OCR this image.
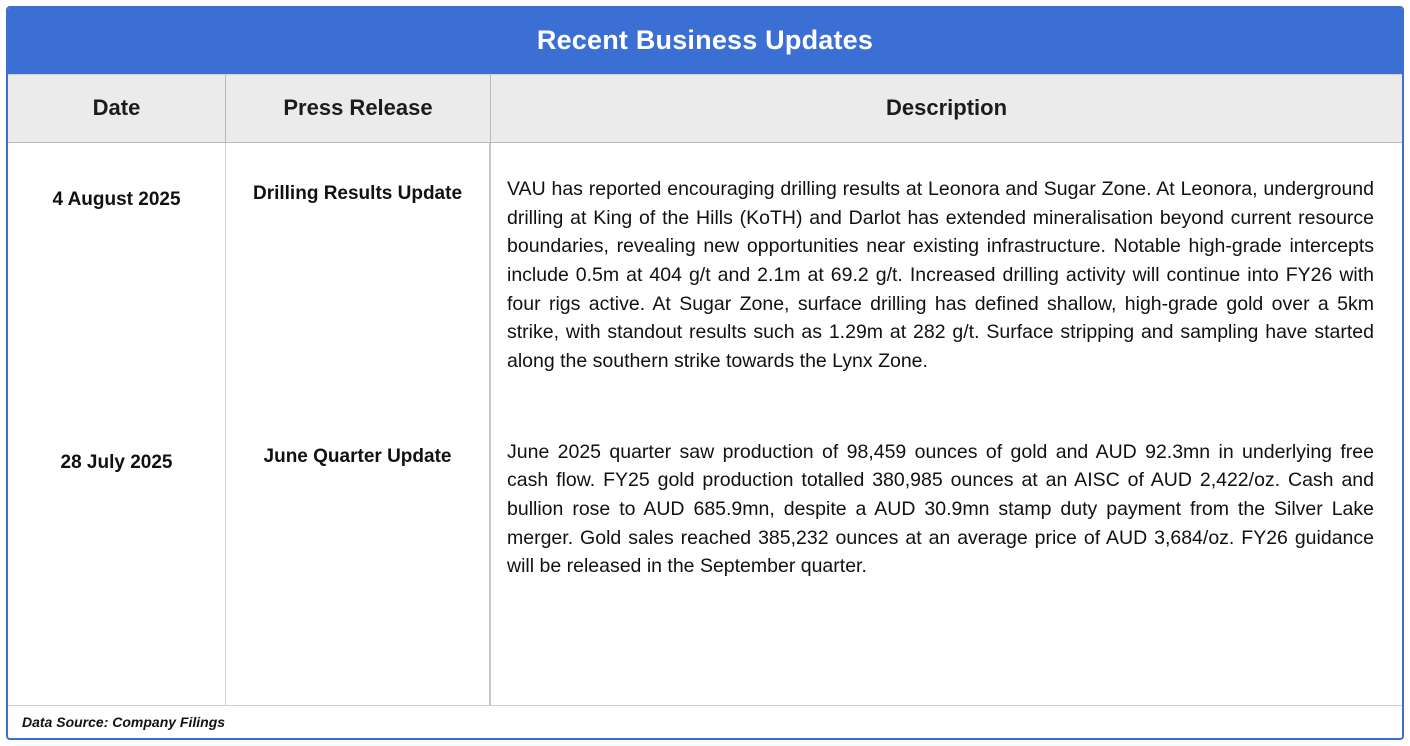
Recent Business Updates
Date	Press Release	Description
4 August 2025	Drilling Results Update	VAU has reported encouraging drilling results at Leonora and Sugar Zone. At Leonora, underground drilling at King of the Hills (KoTH) and Darlot has extended mineralisation beyond current resource boundaries, revealing new opportunities near existing infrastructure. Notable high-grade intercepts include 0.5m at 404 g/t and 2.1m at 69.2 g/t. Increased drilling activity will continue into FY26 with four rigs active. At Sugar Zone, surface drilling has defined shallow, high-grade gold over a 5km strike, with standout results such as 1.29m at 282 g/t. Surface stripping and sampling have started along the southern strike towards the Lynx Zone.
28 July 2025	June Quarter Update	June 2025 quarter saw production of 98,459 ounces of gold and AUD 92.3mn in underlying free cash flow. FY25 gold production totalled 380,985 ounces at an AISC of AUD 2,422/oz. Cash and bullion rose to AUD 685.9mn, despite a AUD 30.9mn stamp duty payment from the Silver Lake merger. Gold sales reached 385,232 ounces at an average price of AUD 3,684/oz. FY26 guidance will be released in the September quarter.
Data Source: Company Filings
